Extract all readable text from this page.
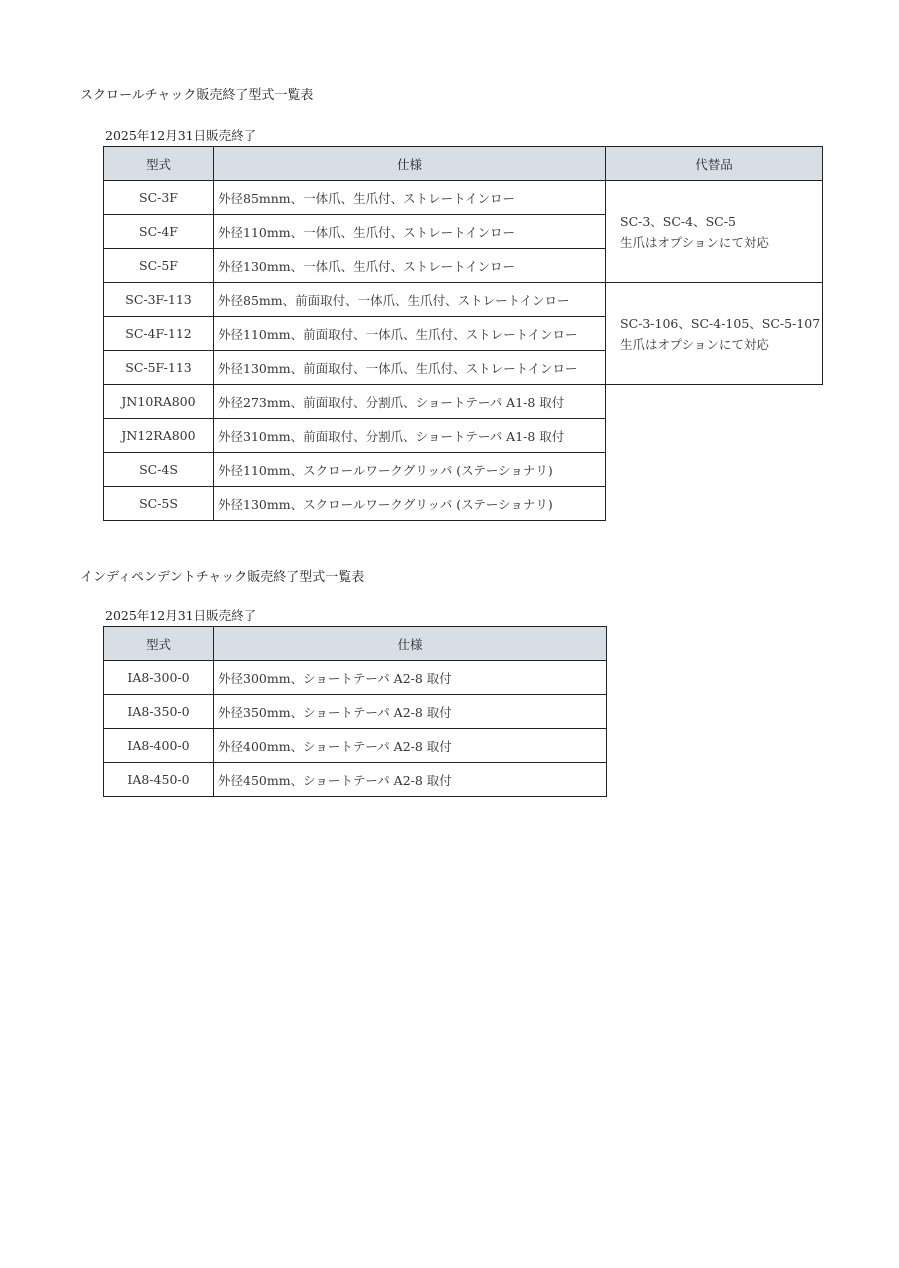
スクロールチャック販売終了型式一覧表
2025年12月31日販売終了
型式	仕様	代替品
SC-3F	外径85mnm、一体爪、生爪付、ストレートインロー	SC-3、SC-4、SC-5
生爪はオプションにて対応

SC-4F	外径110mm、一体爪、生爪付、ストレートインロー	
SC-5F	外径130mm、一体爪、生爪付、ストレートインロー	
SC-3F-113	外径85mm、前面取付、一体爪、生爪付、ストレートインロー	SC-3-106、SC-4-105、SC-5-107
生爪はオプションにて対応

SC-4F-112	外径110mm、前面取付、一体爪、生爪付、ストレートインロー	
SC-5F-113	外径130mm、前面取付、一体爪、生爪付、ストレートインロー	
JN10RA800	外径273mm、前面取付、分割爪、ショートテーパ A1-8 取付	
JN12RA800	外径310mm、前面取付、分割爪、ショートテーパ A1-8 取付	
SC-4S	外径110mm、スクロールワークグリッパ (ステーショナリ)	
SC-5S	外径130mm、スクロールワークグリッパ (ステーショナリ)	
インディペンデントチャック販売終了型式一覧表
2025年12月31日販売終了
型式	仕様
IA8-300-0	外径300mm、ショートテーパ A2-8 取付
IA8-350-0	外径350mm、ショートテーパ A2-8 取付
IA8-400-0	外径400mm、ショートテーパ A2-8 取付
IA8-450-0	外径450mm、ショートテーパ A2-8 取付
